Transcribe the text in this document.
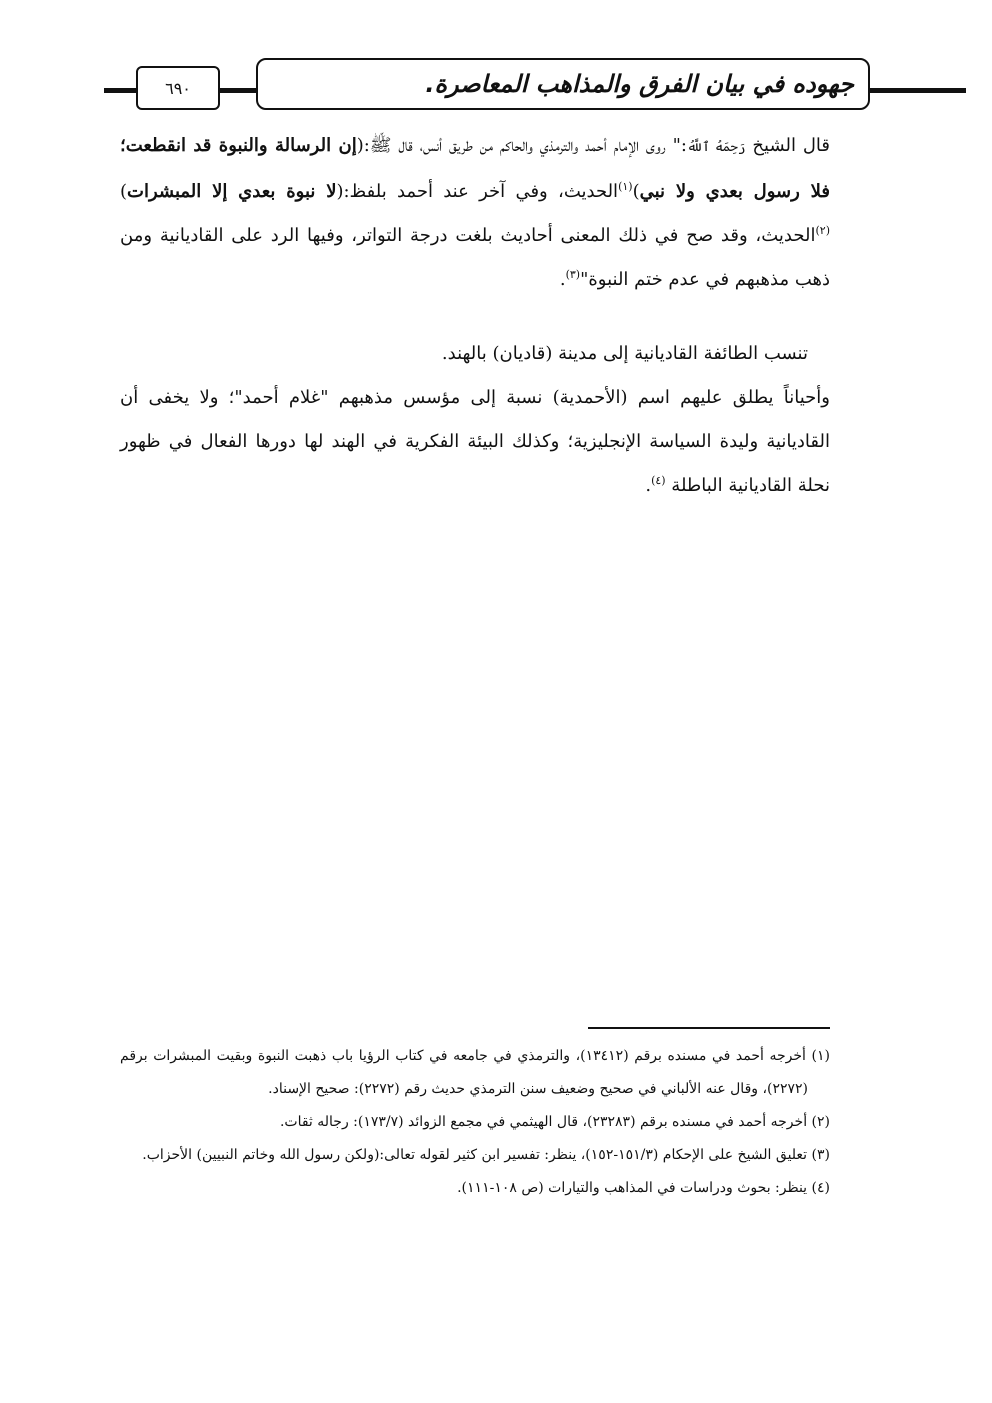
٦٩٠	جهوده في بيان الفرق والمذاهب المعاصرة.
قال الشيخ رَحِمَهُ ٱللَّهُ:" روى الإمام أحمد والترمذي والحاكم من طريق أنس، قال ﷺ:(إن الرسالة والنبوة قد انقطعت؛ فلا رسول بعدي ولا نبي)$^{(١)}$الحديث، وفي آخر عند أحمد بلفظ:(لا نبوة بعدي إلا المبشرات)$^{(٢)}$الحديث، وقد صح في ذلك المعنى أحاديث بلغت درجة التواتر، وفيها الرد على القاديانية ومن ذهب مذهبهم في عدم ختم النبوة"$^{(٣)}$.
تنسب الطائفة القاديانية إلى مدينة (قاديان) بالهند.
وأحياناً يطلق عليهم اسم (الأحمدية) نسبة إلى مؤسس مذهبهم "غلام أحمد"؛ ولا يخفى أن القاديانية وليدة السياسة الإنجليزية؛ وكذلك البيئة الفكرية في الهند لها دورها الفعال في ظهور نحلة القاديانية الباطلة $^{(٤)}$.
(١) أخرجه أحمد في مسنده برقم (١٣٤١٢)، والترمذي في جامعه في كتاب الرؤيا باب ذهبت النبوة وبقيت المبشرات برقم (٢٢٧٢)، وقال عنه الألباني في صحيح وضعيف سنن الترمذي حديث رقم (٢٢٧٢): صحيح الإسناد.
(٢) أخرجه أحمد في مسنده برقم (٢٣٢٨٣)، قال الهيثمي في مجمع الزوائد (١٧٣/٧): رجاله ثقات.
(٣) تعليق الشيخ على الإحكام (١٥١/٣-١٥٢)، ينظر: تفسير ابن كثير لقوله تعالى:(ولكن رسول الله وخاتم النبيين) الأحزاب.
(٤) ينظر: بحوث ودراسات في المذاهب والتيارات (ص ١٠٨-١١١).
